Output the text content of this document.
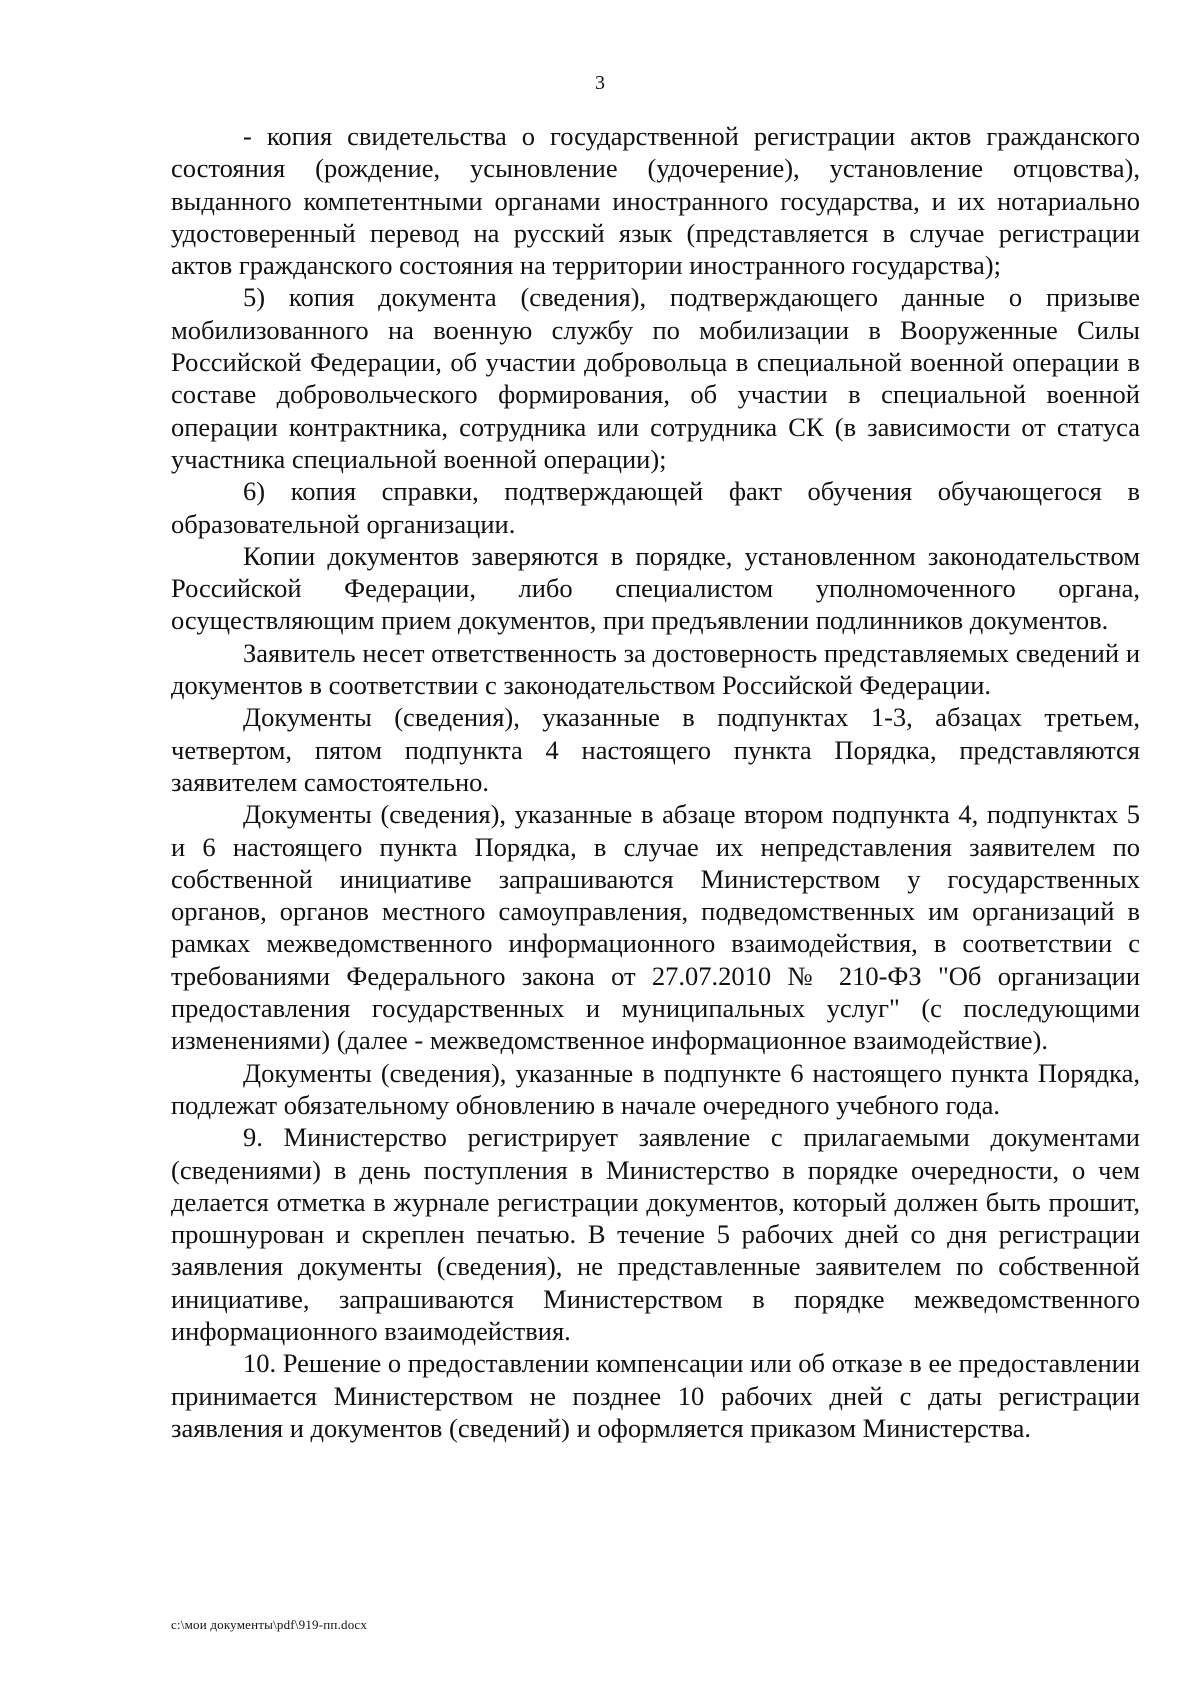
3

- копия свидетельства о государственной регистрации актов гражданского состояния (рождение, усыновление (удочерение), установление отцовства), выданного компетентными органами иностранного государства, и их нотариально удостоверенный перевод на русский язык (представляется в случае регистрации актов гражданского состояния на территории иностранного государства);

5) копия документа (сведения), подтверждающего данные о призыве мобилизованного на военную службу по мобилизации в Вооруженные Силы Российской Федерации, об участии добровольца в специальной военной операции в составе добровольческого формирования, об участии в специальной военной операции контрактника, сотрудника или сотрудника СК (в зависимости от статуса участника специальной военной операции);

6) копия справки, подтверждающей факт обучения обучающегося в образовательной организации.

Копии документов заверяются в порядке, установленном законодательством Российской Федерации, либо специалистом уполномоченного органа, осуществляющим прием документов, при предъявлении подлинников документов.

Заявитель несет ответственность за достоверность представляемых сведений и документов в соответствии с законодательством Российской Федерации.

Документы (сведения), указанные в подпунктах 1-3, абзацах третьем, четвертом, пятом подпункта 4 настоящего пункта Порядка, представляются заявителем самостоятельно.

Документы (сведения), указанные в абзаце втором подпункта 4, подпунктах 5 и 6 настоящего пункта Порядка, в случае их непредставления заявителем по собственной инициативе запрашиваются Министерством у государственных органов, органов местного самоуправления, подведомственных им организаций в рамках межведомственного информационного взаимодействия, в соответствии с требованиями Федерального закона от 27.07.2010 № 210-ФЗ "Об организации предоставления государственных и муниципальных услуг" (с последующими изменениями) (далее - межведомственное информационное взаимодействие).

Документы (сведения), указанные в подпункте 6 настоящего пункта Порядка, подлежат обязательному обновлению в начале очередного учебного года.

9. Министерство регистрирует заявление с прилагаемыми документами (сведениями) в день поступления в Министерство в порядке очередности, о чем делается отметка в журнале регистрации документов, который должен быть прошит, прошнурован и скреплен печатью. В течение 5 рабочих дней со дня регистрации заявления документы (сведения), не представленные заявителем по собственной инициативе, запрашиваются Министерством в порядке межведомственного информационного взаимодействия.

10. Решение о предоставлении компенсации или об отказе в ее предоставлении принимается Министерством не позднее 10 рабочих дней с даты регистрации заявления и документов (сведений) и оформляется приказом Министерства.

c:\мои документы\pdf\919-пп.docx
